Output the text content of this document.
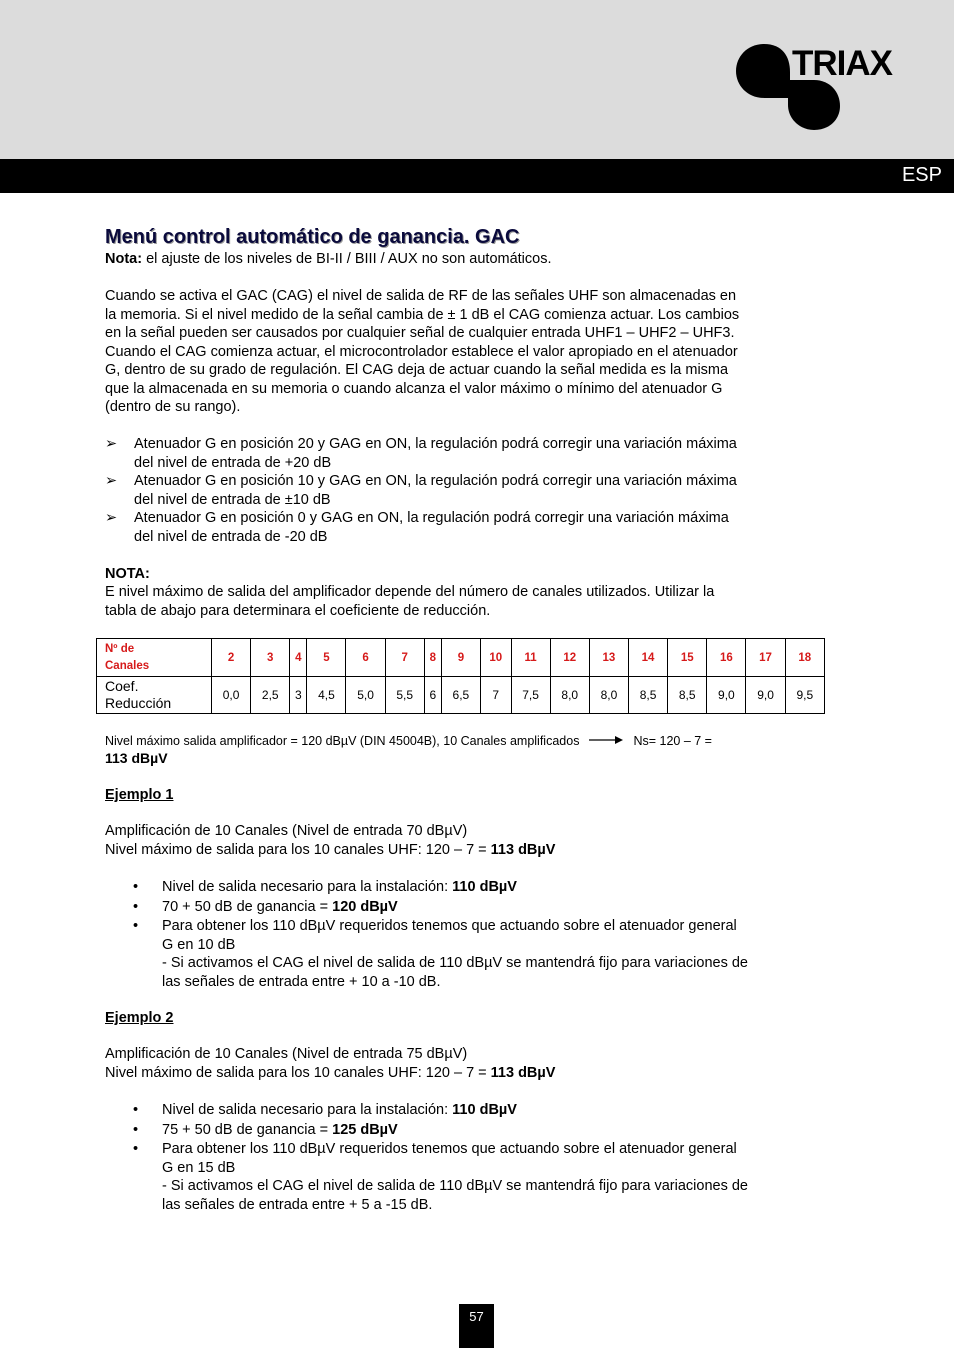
TRIAX
ESP
Menú control automático de ganancia. GAC

Nota: el ajuste de los niveles de BI-II / BIII / AUX no son automáticos.

Cuando se activa el GAC (CAG) el nivel de salida de RF de las señales UHF son almacenadas en
la memoria. Si el nivel medido de la señal cambia de ± 1 dB el CAG comienza actuar. Los cambios
en la señal pueden ser causados por cualquier señal de cualquier entrada UHF1 – UHF2 – UHF3.
Cuando el CAG comienza actuar, el microcontrolador establece el valor apropiado en el atenuador
G, dentro de su grado de regulación. El CAG deja de actuar cuando la señal medida es la misma
que la almacenada en su memoria o cuando alcanza el valor máximo o mínimo del atenuador G
(dentro de su rango).

➢ Atenuador G en posición 20 y GAG en ON, la regulación podrá corregir una variación máxima
del nivel de entrada de +20 dB
➢ Atenuador G en posición 10 y GAG en ON, la regulación podrá corregir una variación máxima
del nivel de entrada de ±10 dB
➢ Atenuador G en posición 0 y GAG en ON, la regulación podrá corregir una variación máxima
del nivel de entrada de -20 dB

NOTA:
E nivel máximo de salida del amplificador depende del número de canales utilizados. Utilizar la
tabla de abajo para determinara el coeficiente de reducción.

Nº de
Canales	2	3	4	5	6	7	8	9	10	11	12	13	14	15	16	17	18

Coef.
Reducción	0,0	2,5	3	4,5	5,0	5,5	6	6,5	7	7,5	8,0	8,0	8,5	8,5	9,0	9,0	9,5
Nivel máximo salida amplificador = 120 dBµV (DIN 45004B), 10 Canales amplificados	Ns= 120 – 7 =
113 dBµV

Ejemplo 1

Amplificación de 10 Canales (Nivel de entrada 70 dBµV)
Nivel máximo de salida para los 10 canales UHF: 120 – 7 = 113 dBµV

• Nivel de salida necesario para la instalación: 110 dBµV
• 70 + 50 dB de ganancia = 120 dBµV
• Para obtener los 110 dBµV requeridos tenemos que actuando sobre el atenuador general
G en 10 dB
- Si activamos el CAG el nivel de salida de 110 dBµV se mantendrá fijo para variaciones de
las señales de entrada entre + 10 a -10 dB.

Ejemplo 2

Amplificación de 10 Canales (Nivel de entrada 75 dBµV)
Nivel máximo de salida para los 10 canales UHF: 120 – 7 = 113 dBµV

• Nivel de salida necesario para la instalación: 110 dBµV
• 75 + 50 dB de ganancia = 125 dBµV
• Para obtener los 110 dBµV requeridos tenemos que actuando sobre el atenuador general
G en 15 dB
- Si activamos el CAG el nivel de salida de 110 dBµV se mantendrá fijo para variaciones de
las señales de entrada entre + 5 a -15 dB.
57
